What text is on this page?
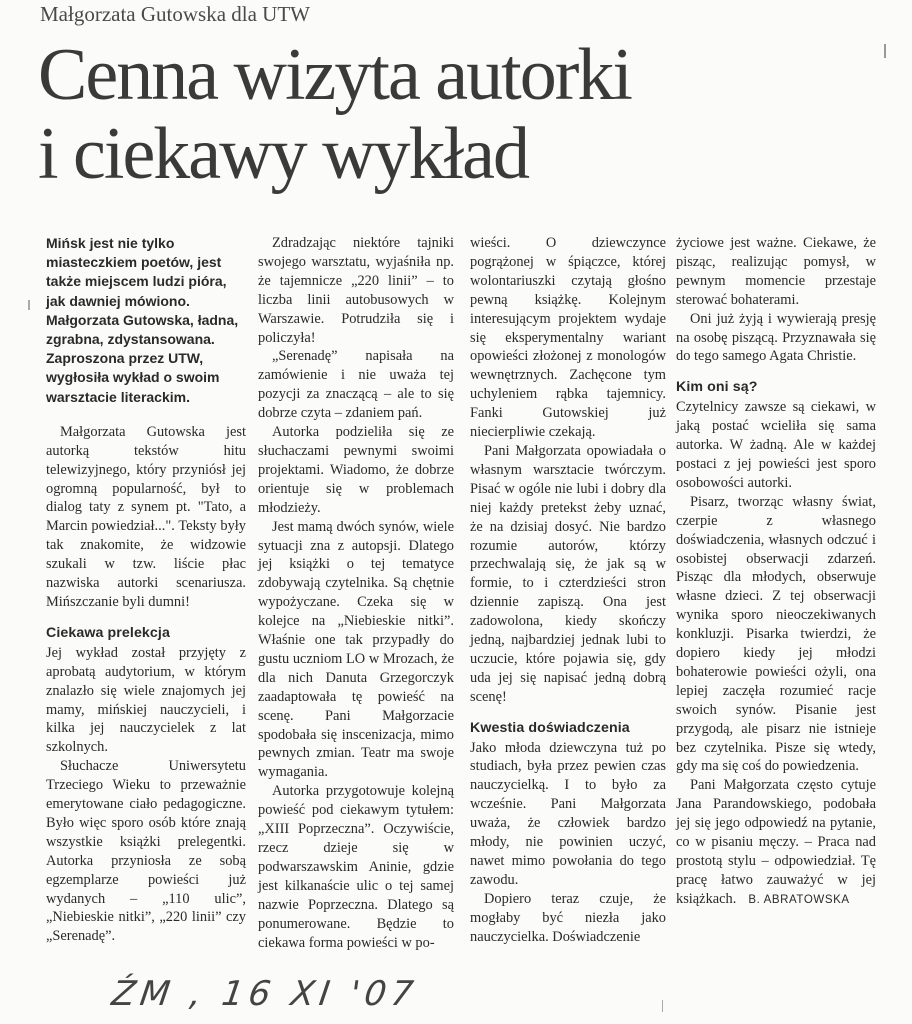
Małgorzata Gutowska dla UTW
Cenna wizyta autorki
i ciekawy wykład
Mińsk jest nie tylko miasteczkiem poetów, jest także miejscem ludzi pióra, jak dawniej mówiono. Małgorzata Gutowska, ładna, zgrabna, zdystansowana. Zaproszona przez UTW, wygłosiła wykład o swoim warsztacie literackim.

Małgorzata Gutowska jest autorką tekstów hitu telewizyjnego, który przyniósł jej ogromną popularność, był to dialog taty z synem pt. "Tato, a Marcin powiedział...". Teksty były tak znakomite, że widzowie szukali w tzw. liście płac nazwiska autorki scenariusza. Mińszczanie byli dumni!

Ciekawa prelekcja

Jej wykład został przyjęty z aprobatą audytorium, w którym znalazło się wiele znajomych jej mamy, mińskiej nauczycieli, i kilka jej nauczycielek z lat szkolnych.

Słuchacze Uniwersytetu Trzeciego Wieku to przeważnie emerytowane ciało pedagogiczne. Było więc sporo osób które znają wszystkie książki prelegentki. Autorka przyniosła ze sobą egzemplarze powieści już wydanych – „110 ulic”, „Niebieskie nitki”, „220 linii” czy „Serenadę”.

Zdradzając niektóre tajniki swojego warsztatu, wyjaśniła np. że tajemnicze „220 linii” – to liczba linii autobusowych w Warszawie. Potrudziła się i policzyła!

„Serenadę” napisała na zamówienie i nie uważa tej pozycji za znaczącą – ale to się dobrze czyta – zdaniem pań.

Autorka podzieliła się ze słuchaczami pewnymi swoimi projektami. Wiadomo, że dobrze orientuje się w problemach młodzieży.

Jest mamą dwóch synów, wiele sytuacji zna z autopsji. Dlatego jej książki o tej tematyce zdobywają czytelnika. Są chętnie wypożyczane. Czeka się w kolejce na „Niebieskie nitki”. Właśnie one tak przypadły do gustu uczniom LO w Mrozach, że dla nich Danuta Grzegorczyk zaadaptowała tę powieść na scenę. Pani Małgorzacie spodobała się inscenizacja, mimo pewnych zmian. Teatr ma swoje wymagania.

Autorka przygotowuje kolejną powieść pod ciekawym tytułem: „XIII Poprzeczna”. Oczywiście, rzecz dzieje się w podwarszawskim Aninie, gdzie jest kilkanaście ulic o tej samej nazwie Poprzeczna. Dlatego są ponumerowane. Będzie to ciekawa forma powieści w po-

wieści. O dziewczynce pogrążonej w śpiączce, której wolontariuszki czytają głośno pewną książkę. Kolejnym interesującym projektem wydaje się eksperymentalny wariant opowieści złożonej z monologów wewnętrznych. Zachęcone tym uchyleniem rąbka tajemnicy. Fanki Gutowskiej już niecierpliwie czekają.

Pani Małgorzata opowiadała o własnym warsztacie twórczym. Pisać w ogóle nie lubi i dobry dla niej każdy pretekst żeby uznać, że na dzisiaj dosyć. Nie bardzo rozumie autorów, którzy przechwalają się, że jak są w formie, to i czterdzieści stron dziennie zapiszą. Ona jest zadowolona, kiedy skończy jedną, najbardziej jednak lubi to uczucie, które pojawia się, gdy uda jej się napisać jedną dobrą scenę!

Kwestia doświadczenia

Jako młoda dziewczyna tuż po studiach, była przez pewien czas nauczycielką. I to było za wcześnie. Pani Małgorzata uważa, że człowiek bardzo młody, nie powinien uczyć, nawet mimo powołania do tego zawodu.

Dopiero teraz czuje, że mogłaby być niezła jako nauczycielka. Doświadczenie

życiowe jest ważne. Ciekawe, że pisząc, realizując pomysł, w pewnym momencie przestaje sterować bohaterami.

Oni już żyją i wywierają presję na osobę piszącą. Przyznawała się do tego samego Agata Christie.

Kim oni są?

Czytelnicy zawsze są ciekawi, w jaką postać wcieliła się sama autorka. W żadną. Ale w każdej postaci z jej powieści jest sporo osobowości autorki.

Pisarz, tworząc własny świat, czerpie z własnego doświadczenia, własnych odczuć i osobistej obserwacji zdarzeń. Pisząc dla młodych, obserwuje własne dzieci. Z tej obserwacji wynika sporo nieoczekiwanych konkluzji. Pisarka twierdzi, że dopiero kiedy jej młodzi bohaterowie powieści ożyli, ona lepiej zaczęła rozumieć racje swoich synów. Pisanie jest przygodą, ale pisarz nie istnieje bez czytelnika. Pisze się wtedy, gdy ma się coś do powiedzenia.

Pani Małgorzata często cytuje Jana Parandowskiego, podobała jej się jego odpowiedź na pytanie, co w pisaniu męczy. – Praca nad prostotą stylu – odpowiedział. Tę pracę łatwo zauważyć w jej książkach. B. ABRATOWSKA

ŹM , 16 XI '07
